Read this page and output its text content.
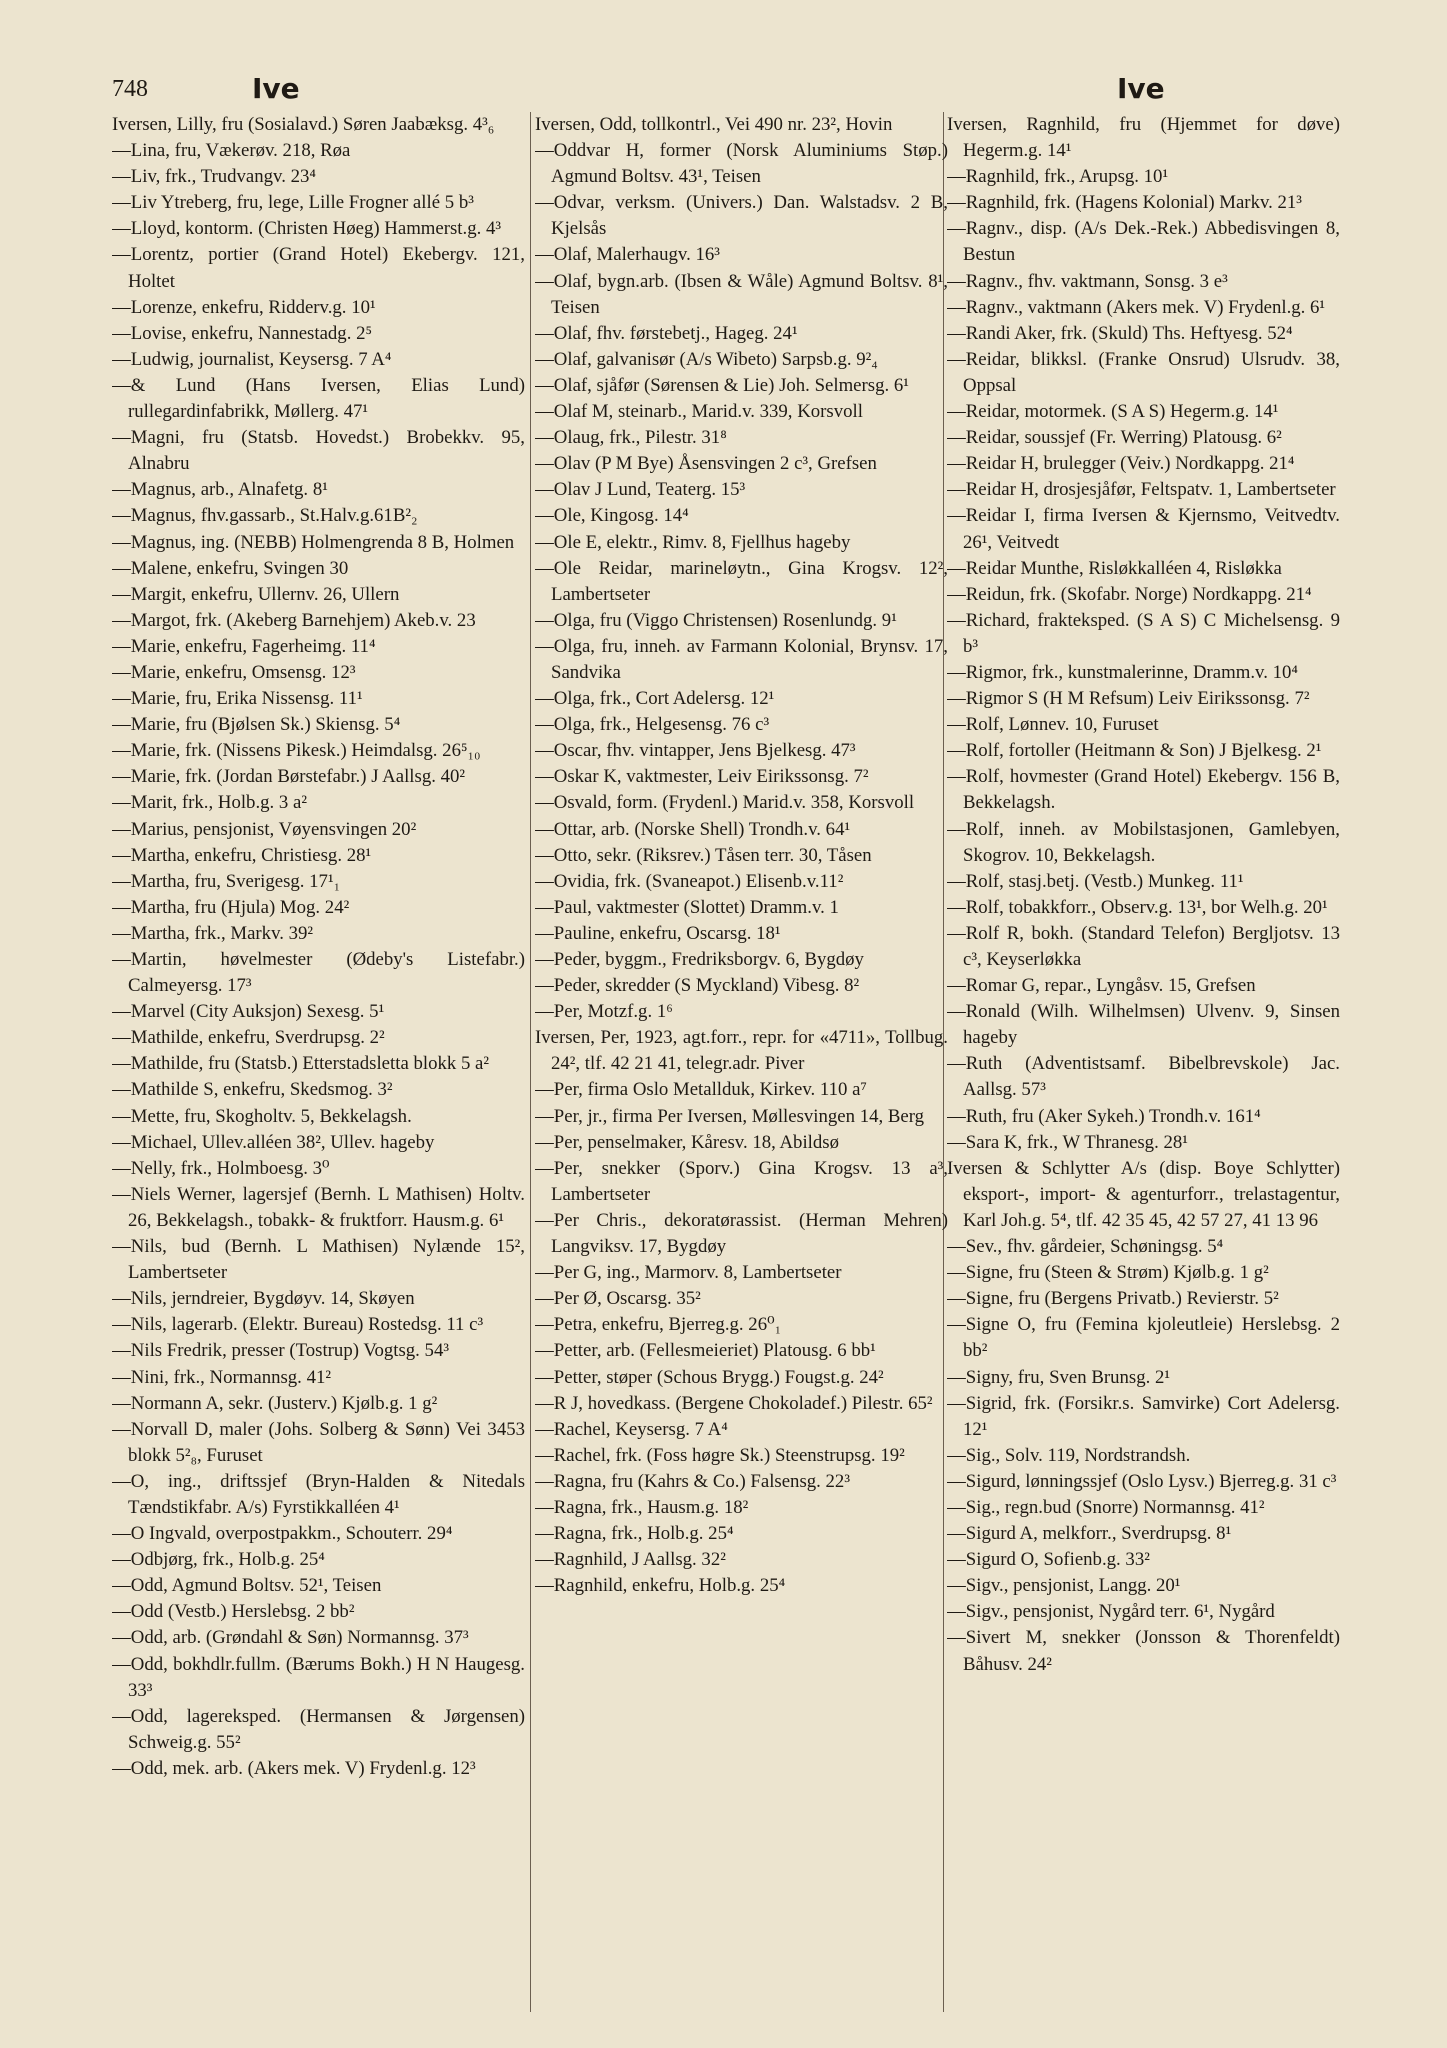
748	Ive	Ive

Iversen, Lilly, fru (Sosialavd.) Søren Jaabæksg. 4³₆

—Lina, fru, Vækerøv. 218, Røa

—Liv, frk., Trudvangv. 23⁴

—Liv Ytreberg, fru, lege, Lille Frogner allé 5 b³

—Lloyd, kontorm. (Christen Høeg) Hammerst.g. 4³

—Lorentz, portier (Grand Hotel) Ekebergv. 121, Holtet

—Lorenze, enkefru, Ridderv.g. 10¹

—Lovise, enkefru, Nannestadg. 2⁵

—Ludwig, journalist, Keysersg. 7 A⁴

—& Lund (Hans Iversen, Elias Lund) rullegardinfabrikk, Møllerg. 47¹

—Magni, fru (Statsb. Hovedst.) Brobekkv. 95, Alnabru

—Magnus, arb., Alnafetg. 8¹

—Magnus, fhv.gassarb., St.Halv.g.61B²₂

—Magnus, ing. (NEBB) Holmengrenda 8 B, Holmen

—Malene, enkefru, Svingen 30

—Margit, enkefru, Ullernv. 26, Ullern

—Margot, frk. (Akeberg Barnehjem) Akeb.v. 23

—Marie, enkefru, Fagerheimg. 11⁴

—Marie, enkefru, Omsensg. 12³

—Marie, fru, Erika Nissensg. 11¹

—Marie, fru (Bjølsen Sk.) Skiensg. 5⁴

—Marie, frk. (Nissens Pikesk.) Heimdalsg. 26⁵₁₀

—Marie, frk. (Jordan Børstefabr.) J Aallsg. 40²

—Marit, frk., Holb.g. 3 a²

—Marius, pensjonist, Vøyensvingen 20²

—Martha, enkefru, Christiesg. 28¹

—Martha, fru, Sverigesg. 17¹₁

—Martha, fru (Hjula) Mog. 24²

—Martha, frk., Markv. 39²

—Martin, høvelmester (Ødeby's Listefabr.) Calmeyersg. 17³

—Marvel (City Auksjon) Sexesg. 5¹

—Mathilde, enkefru, Sverdrupsg. 2²

—Mathilde, fru (Statsb.) Etterstadsletta blokk 5 a²

—Mathilde S, enkefru, Skedsmog. 3²

—Mette, fru, Skogholtv. 5, Bekkelagsh.

—Michael, Ullev.alléen 38², Ullev. hageby

—Nelly, frk., Holmboesg. 3⁰

—Niels Werner, lagersjef (Bernh. L Mathisen) Holtv. 26, Bekkelagsh., tobakk- & fruktforr. Hausm.g. 6¹

—Nils, bud (Bernh. L Mathisen) Nylænde 15², Lambertseter

—Nils, jerndreier, Bygdøyv. 14, Skøyen

—Nils, lagerarb. (Elektr. Bureau) Rostedsg. 11 c³

—Nils Fredrik, presser (Tostrup) Vogtsg. 54³

—Nini, frk., Normannsg. 41²

—Normann A, sekr. (Justerv.) Kjølb.g. 1 g²

—Norvall D, maler (Johs. Solberg & Sønn) Vei 3453 blokk 5²₈, Furuset

—O, ing., driftssjef (Bryn-Halden & Nitedals Tændstikfabr. A/s) Fyrstikkalléen 4¹

—O Ingvald, overpostpakkm., Schouterr. 29⁴

—Odbjørg, frk., Holb.g. 25⁴

—Odd, Agmund Boltsv. 52¹, Teisen

—Odd (Vestb.) Herslebsg. 2 bb²

—Odd, arb. (Grøndahl & Søn) Normannsg. 37³

—Odd, bokhdlr.fullm. (Bærums Bokh.) H N Haugesg. 33³

—Odd, lagereksped. (Hermansen & Jørgensen) Schweig.g. 55²

—Odd, mek. arb. (Akers mek. V) Frydenl.g. 12³

Iversen, Odd, tollkontrl., Vei 490 nr. 23², Hovin

—Oddvar H, former (Norsk Aluminiums Støp.) Agmund Boltsv. 43¹, Teisen

—Odvar, verksm. (Univers.) Dan. Walstadsv. 2 B, Kjelsås

—Olaf, Malerhaugv. 16³

—Olaf, bygn.arb. (Ibsen & Wåle) Agmund Boltsv. 8¹, Teisen

—Olaf, fhv. førstebetj., Hageg. 24¹

—Olaf, galvanisør (A/s Wibeto) Sarpsb.g. 9²₄

—Olaf, sjåfør (Sørensen & Lie) Joh. Selmersg. 6¹

—Olaf M, steinarb., Marid.v. 339, Korsvoll

—Olaug, frk., Pilestr. 31⁸

—Olav (P M Bye) Åsensvingen 2 c³, Grefsen

—Olav J Lund, Teaterg. 15³

—Ole, Kingosg. 14⁴

—Ole E, elektr., Rimv. 8, Fjellhus hageby

—Ole Reidar, marineløytn., Gina Krogsv. 12², Lambertseter

—Olga, fru (Viggo Christensen) Rosenlundg. 9¹

—Olga, fru, inneh. av Farmann Kolonial, Brynsv. 17, Sandvika

—Olga, frk., Cort Adelersg. 12¹

—Olga, frk., Helgesensg. 76 c³

—Oscar, fhv. vintapper, Jens Bjelkesg. 47³

—Oskar K, vaktmester, Leiv Eirikssonsg. 7²

—Osvald, form. (Frydenl.) Marid.v. 358, Korsvoll

—Ottar, arb. (Norske Shell) Trondh.v. 64¹

—Otto, sekr. (Riksrev.) Tåsen terr. 30, Tåsen

—Ovidia, frk. (Svaneapot.) Elisenb.v.11²

—Paul, vaktmester (Slottet) Dramm.v. 1

—Pauline, enkefru, Oscarsg. 18¹

—Peder, byggm., Fredriksborgv. 6, Bygdøy

—Peder, skredder (S Myckland) Vibesg. 8²

—Per, Motzf.g. 1⁶

Iversen, Per, 1923, agt.forr., repr. for «4711», Tollbug. 24², tlf. 42 21 41, telegr.adr. Piver

—Per, firma Oslo Metallduk, Kirkev. 110 a⁷

—Per, jr., firma Per Iversen, Møllesvingen 14, Berg

—Per, penselmaker, Kåresv. 18, Abildsø

—Per, snekker (Sporv.) Gina Krogsv. 13 a³, Lambertseter

—Per Chris., dekoratørassist. (Herman Mehren) Langviksv. 17, Bygdøy

—Per G, ing., Marmorv. 8, Lambertseter

—Per Ø, Oscarsg. 35²

—Petra, enkefru, Bjerreg.g. 26⁰₁

—Petter, arb. (Fellesmeieriet) Platousg. 6 bb¹

—Petter, støper (Schous Brygg.) Fougst.g. 24²

—R J, hovedkass. (Bergene Chokoladef.) Pilestr. 65²

—Rachel, Keysersg. 7 A⁴

—Rachel, frk. (Foss høgre Sk.) Steenstrupsg. 19²

—Ragna, fru (Kahrs & Co.) Falsensg. 22³

—Ragna, frk., Hausm.g. 18²

—Ragna, frk., Holb.g. 25⁴

—Ragnhild, J Aallsg. 32²

—Ragnhild, enkefru, Holb.g. 25⁴

Iversen, Ragnhild, fru (Hjemmet for døve) Hegerm.g. 14¹

—Ragnhild, frk., Arupsg. 10¹

—Ragnhild, frk. (Hagens Kolonial) Markv. 21³

—Ragnv., disp. (A/s Dek.-Rek.) Abbedisvingen 8, Bestun

—Ragnv., fhv. vaktmann, Sonsg. 3 e³

—Ragnv., vaktmann (Akers mek. V) Frydenl.g. 6¹

—Randi Aker, frk. (Skuld) Ths. Heftyesg. 52⁴

—Reidar, blikksl. (Franke Onsrud) Ulsrudv. 38, Oppsal

—Reidar, motormek. (S A S) Hegerm.g. 14¹

—Reidar, soussjef (Fr. Werring) Platousg. 6²

—Reidar H, brulegger (Veiv.) Nordkappg. 21⁴

—Reidar H, drosjesjåfør, Feltspatv. 1, Lambertseter

—Reidar I, firma Iversen & Kjernsmo, Veitvedtv. 26¹, Veitvedt

—Reidar Munthe, Risløkkalléen 4, Risløkka

—Reidun, frk. (Skofabr. Norge) Nordkappg. 21⁴

—Richard, frakteksped. (S A S) C Michelsensg. 9 b³

—Rigmor, frk., kunstmalerinne, Dramm.v. 10⁴

—Rigmor S (H M Refsum) Leiv Eirikssonsg. 7²

—Rolf, Lønnev. 10, Furuset

—Rolf, fortoller (Heitmann & Son) J Bjelkesg. 2¹

—Rolf, hovmester (Grand Hotel) Ekebergv. 156 B, Bekkelagsh.

—Rolf, inneh. av Mobilstasjonen, Gamlebyen, Skogrov. 10, Bekkelagsh.

—Rolf, stasj.betj. (Vestb.) Munkeg. 11¹

—Rolf, tobakkforr., Observ.g. 13¹, bor Welh.g. 20¹

—Rolf R, bokh. (Standard Telefon) Bergljotsv. 13 c³, Keyserløkka

—Romar G, repar., Lyngåsv. 15, Grefsen

—Ronald (Wilh. Wilhelmsen) Ulvenv. 9, Sinsen hageby

—Ruth (Adventistsamf. Bibelbrevskole) Jac. Aallsg. 57³

—Ruth, fru (Aker Sykeh.) Trondh.v. 161⁴

—Sara K, frk., W Thranesg. 28¹

Iversen & Schlytter A/s (disp. Boye Schlytter) eksport-, import- & agenturforr., trelastagentur, Karl Joh.g. 5⁴, tlf. 42 35 45, 42 57 27, 41 13 96

—Sev., fhv. gårdeier, Schøningsg. 5⁴

—Signe, fru (Steen & Strøm) Kjølb.g. 1 g²

—Signe, fru (Bergens Privatb.) Revierstr. 5²

—Signe O, fru (Femina kjoleutleie) Herslebsg. 2 bb²

—Signy, fru, Sven Brunsg. 2¹

—Sigrid, frk. (Forsikr.s. Samvirke) Cort Adelersg. 12¹

—Sig., Solv. 119, Nordstrandsh.

—Sigurd, lønningssjef (Oslo Lysv.) Bjerreg.g. 31 c³

—Sig., regn.bud (Snorre) Normannsg. 41²

—Sigurd A, melkforr., Sverdrupsg. 8¹

—Sigurd O, Sofienb.g. 33²

—Sigv., pensjonist, Langg. 20¹

—Sigv., pensjonist, Nygård terr. 6¹, Nygård

—Sivert M, snekker (Jonsson & Thorenfeldt) Båhusv. 24²
